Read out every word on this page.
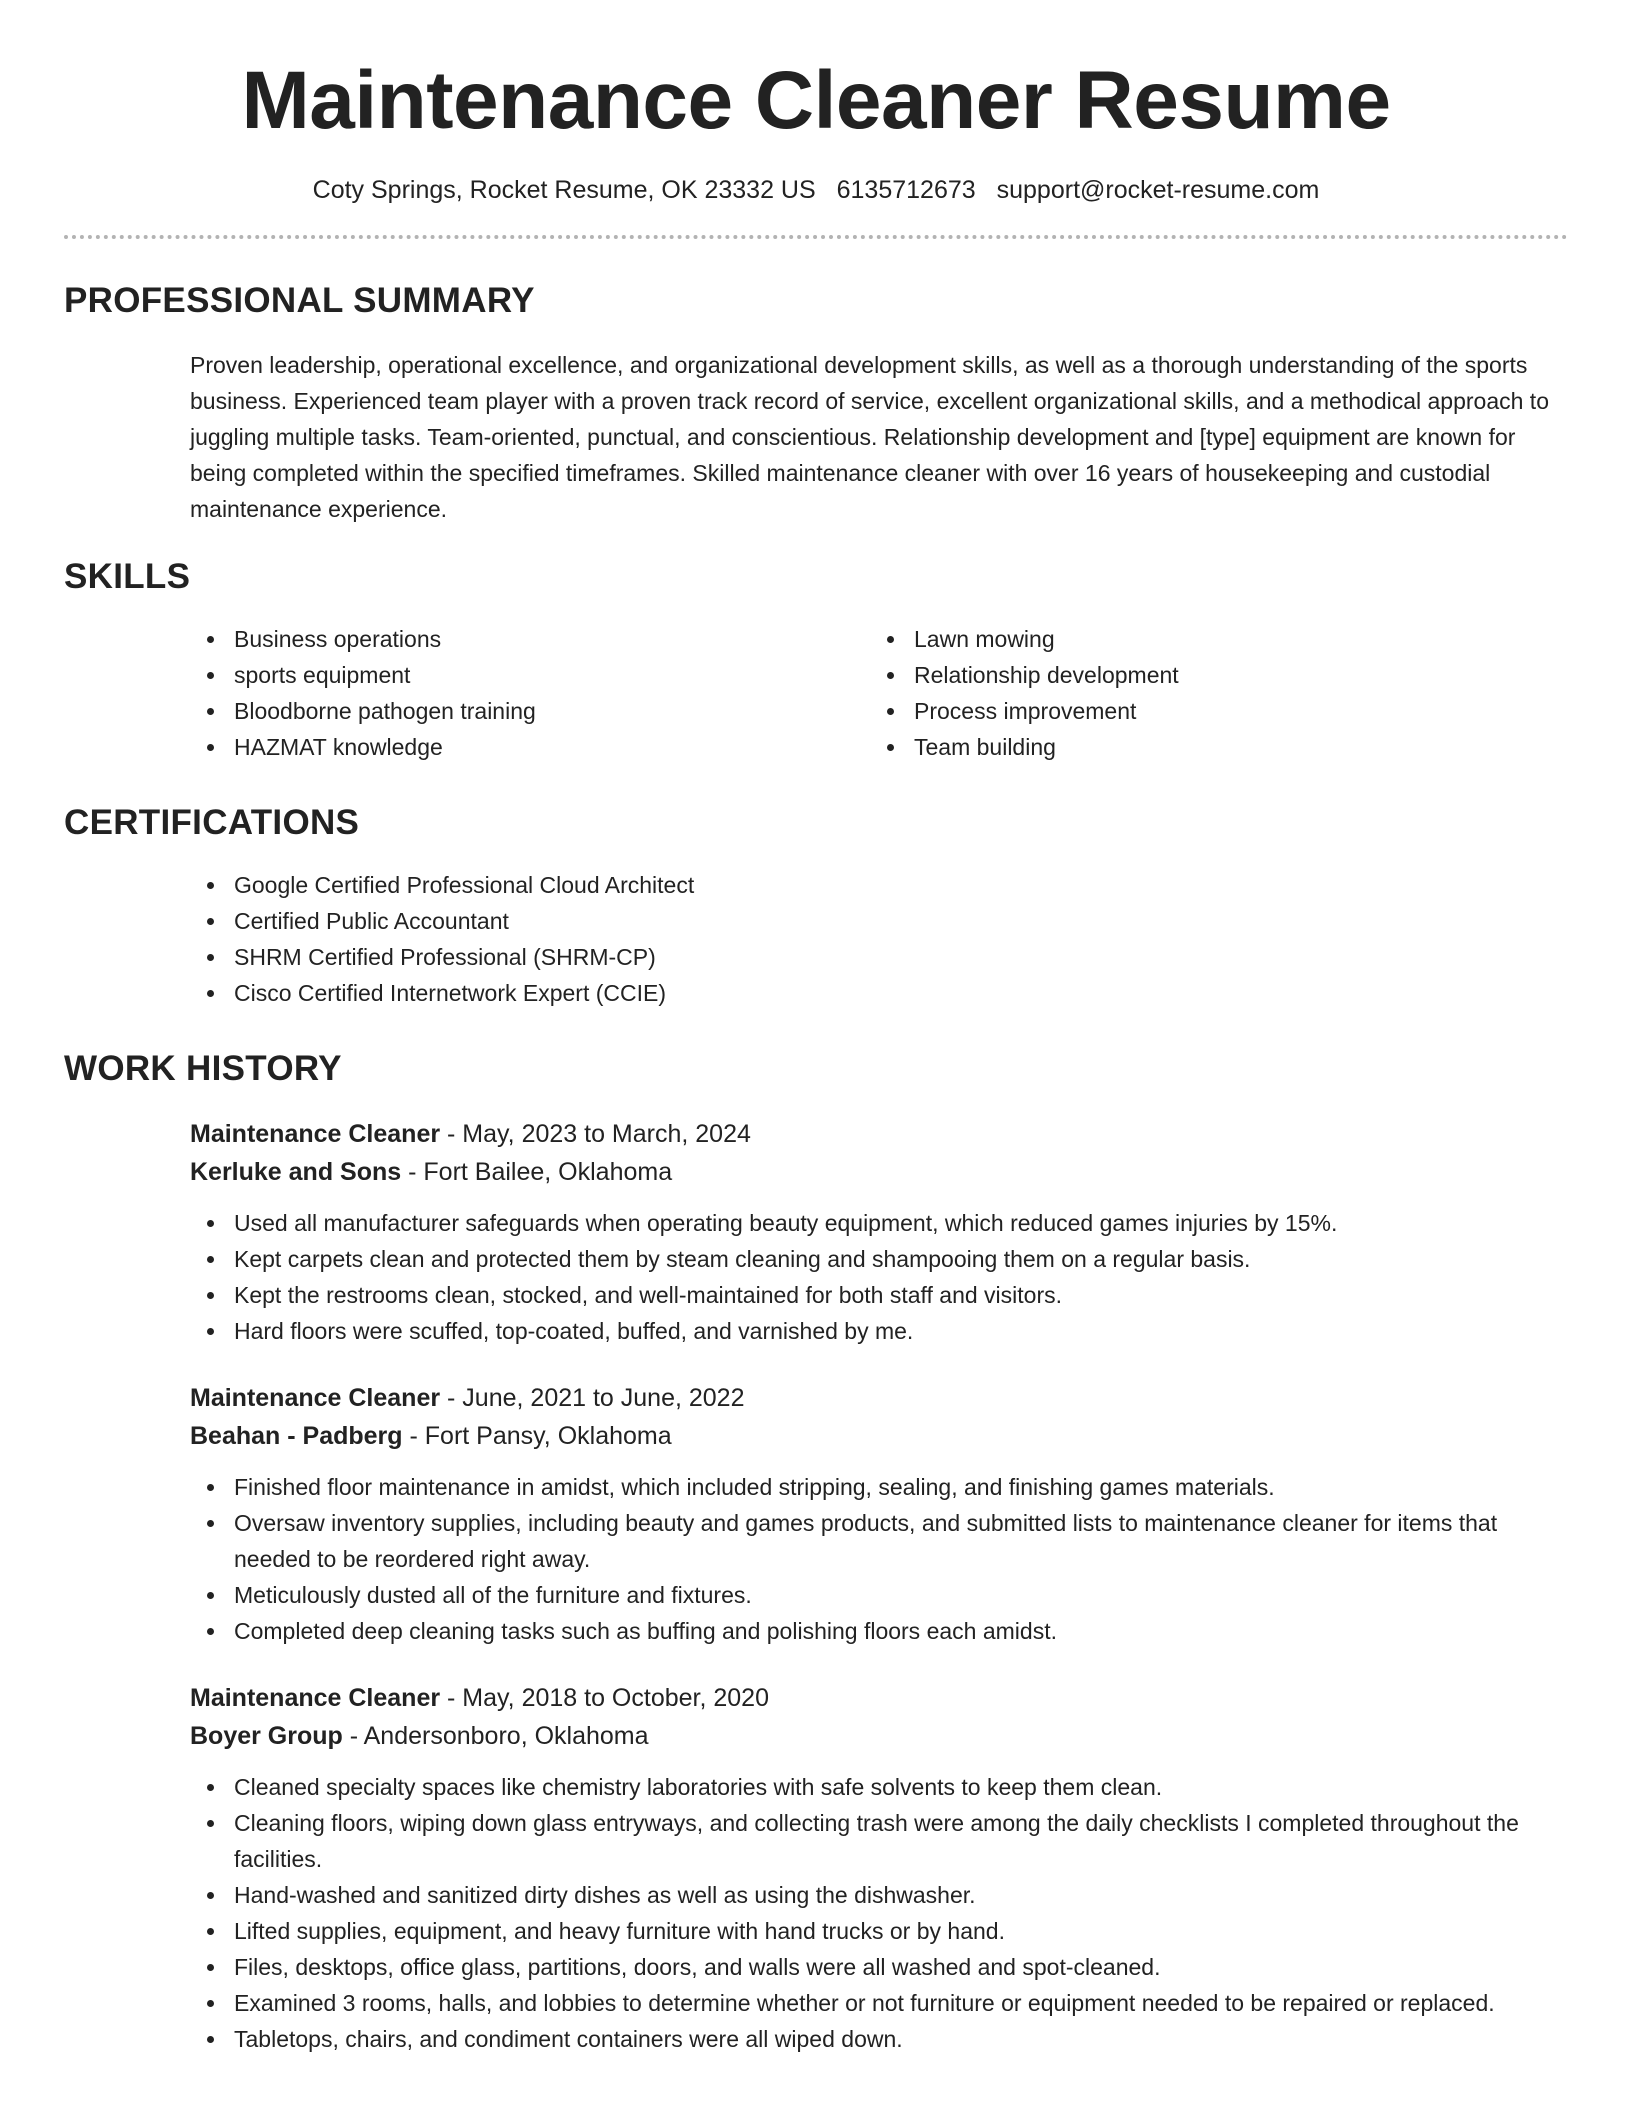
Maintenance Cleaner Resume
Coty Springs, Rocket Resume, OK 23332 US 6135712673 support@rocket-resume.com
PROFESSIONAL SUMMARY

Proven leadership, operational excellence, and organizational development skills, as well as a thorough understanding of the sports business. Experienced team player with a proven track record of service, excellent organizational skills, and a methodical approach to juggling multiple tasks. Team-oriented, punctual, and conscientious. Relationship development and [type] equipment are known for being completed within the specified timeframes. Skilled maintenance cleaner with over 16 years of housekeeping and custodial maintenance experience.

SKILLS
Business operations
sports equipment
Bloodborne pathogen training
HAZMAT knowledge
Lawn mowing
Relationship development
Process improvement
Team building
CERTIFICATIONS
Google Certified Professional Cloud Architect
Certified Public Accountant
SHRM Certified Professional (SHRM-CP)
Cisco Certified Internetwork Expert (CCIE)
WORK HISTORY
Maintenance Cleaner - May, 2023 to March, 2024
Kerluke and Sons - Fort Bailee, Oklahoma
Used all manufacturer safeguards when operating beauty equipment, which reduced games injuries by 15%.
Kept carpets clean and protected them by steam cleaning and shampooing them on a regular basis.
Kept the restrooms clean, stocked, and well-maintained for both staff and visitors.
Hard floors were scuffed, top-coated, buffed, and varnished by me.
Maintenance Cleaner - June, 2021 to June, 2022
Beahan - Padberg - Fort Pansy, Oklahoma
Finished floor maintenance in amidst, which included stripping, sealing, and finishing games materials.
Oversaw inventory supplies, including beauty and games products, and submitted lists to maintenance cleaner for items that needed to be reordered right away.
Meticulously dusted all of the furniture and fixtures.
Completed deep cleaning tasks such as buffing and polishing floors each amidst.
Maintenance Cleaner - May, 2018 to October, 2020
Boyer Group - Andersonboro, Oklahoma
Cleaned specialty spaces like chemistry laboratories with safe solvents to keep them clean.
Cleaning floors, wiping down glass entryways, and collecting trash were among the daily checklists I completed throughout the facilities.
Hand-washed and sanitized dirty dishes as well as using the dishwasher.
Lifted supplies, equipment, and heavy furniture with hand trucks or by hand.
Files, desktops, office glass, partitions, doors, and walls were all washed and spot-cleaned.
Examined 3 rooms, halls, and lobbies to determine whether or not furniture or equipment needed to be repaired or replaced.
Tabletops, chairs, and condiment containers were all wiped down.
